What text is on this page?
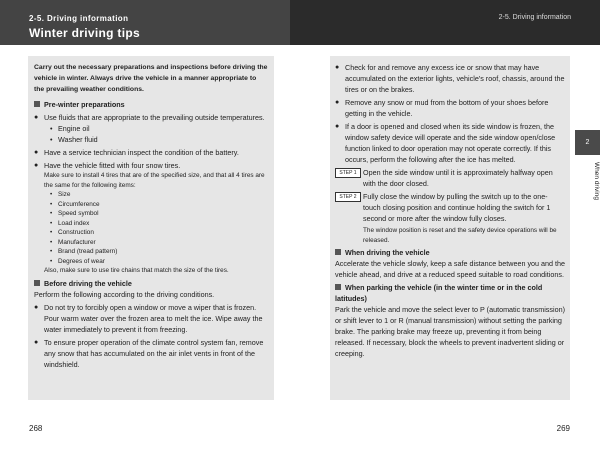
2-5. Driving information
Winter driving tips
2-5. Driving information
Carry out the necessary preparations and inspections before driving the vehicle in winter. Always drive the vehicle in a manner appropriate to the prevailing weather conditions.
Pre-winter preparations
● Use fluids that are appropriate to the prevailing outside temperatures.
• Engine oil
• Washer fluid
● Have a service technician inspect the condition of the battery.
● Have the vehicle fitted with four snow tires.
Make sure to install 4 tires that are of the specified size, and that all 4 tires are the same for the following items:
• Size
• Circumference
• Speed symbol
• Load index
• Construction
• Manufacturer
• Brand (tread pattern)
• Degrees of wear
Also, make sure to use tire chains that match the size of the tires.
Before driving the vehicle
Perform the following according to the driving conditions.
● Do not try to forcibly open a window or move a wiper that is frozen. Pour warm water over the frozen area to melt the ice. Wipe away the water immediately to prevent it from freezing.
● To ensure proper operation of the climate control system fan, remove any snow that has accumulated on the air inlet vents in front of the windshield.
● Check for and remove any excess ice or snow that may have accumulated on the exterior lights, vehicle's roof, chassis, around the tires or on the brakes.
● Remove any snow or mud from the bottom of your shoes before getting in the vehicle.
● If a door is opened and closed when its side window is frozen, the window safety device will operate and the side window open/close function linked to door operation may not operate correctly. If this occurs, perform the following after the ice has melted.
STEP 1 Open the side window until it is approximately halfway open with the door closed.
STEP 2 Fully close the window by pulling the switch up to the one-touch closing position and continue holding the switch for 1 second or more after the window fully closes.
The window position is reset and the safety device operations will be released.
When driving the vehicle
Accelerate the vehicle slowly, keep a safe distance between you and the vehicle ahead, and drive at a reduced speed suitable to road conditions.
When parking the vehicle (in the winter time or in the cold latitudes)
Park the vehicle and move the select lever to P (automatic transmission) or shift lever to 1 or R (manual transmission) without setting the parking brake. The parking brake may freeze up, preventing it from being released. If necessary, block the wheels to prevent inadvertent sliding or creeping.
2
When driving
268	269
